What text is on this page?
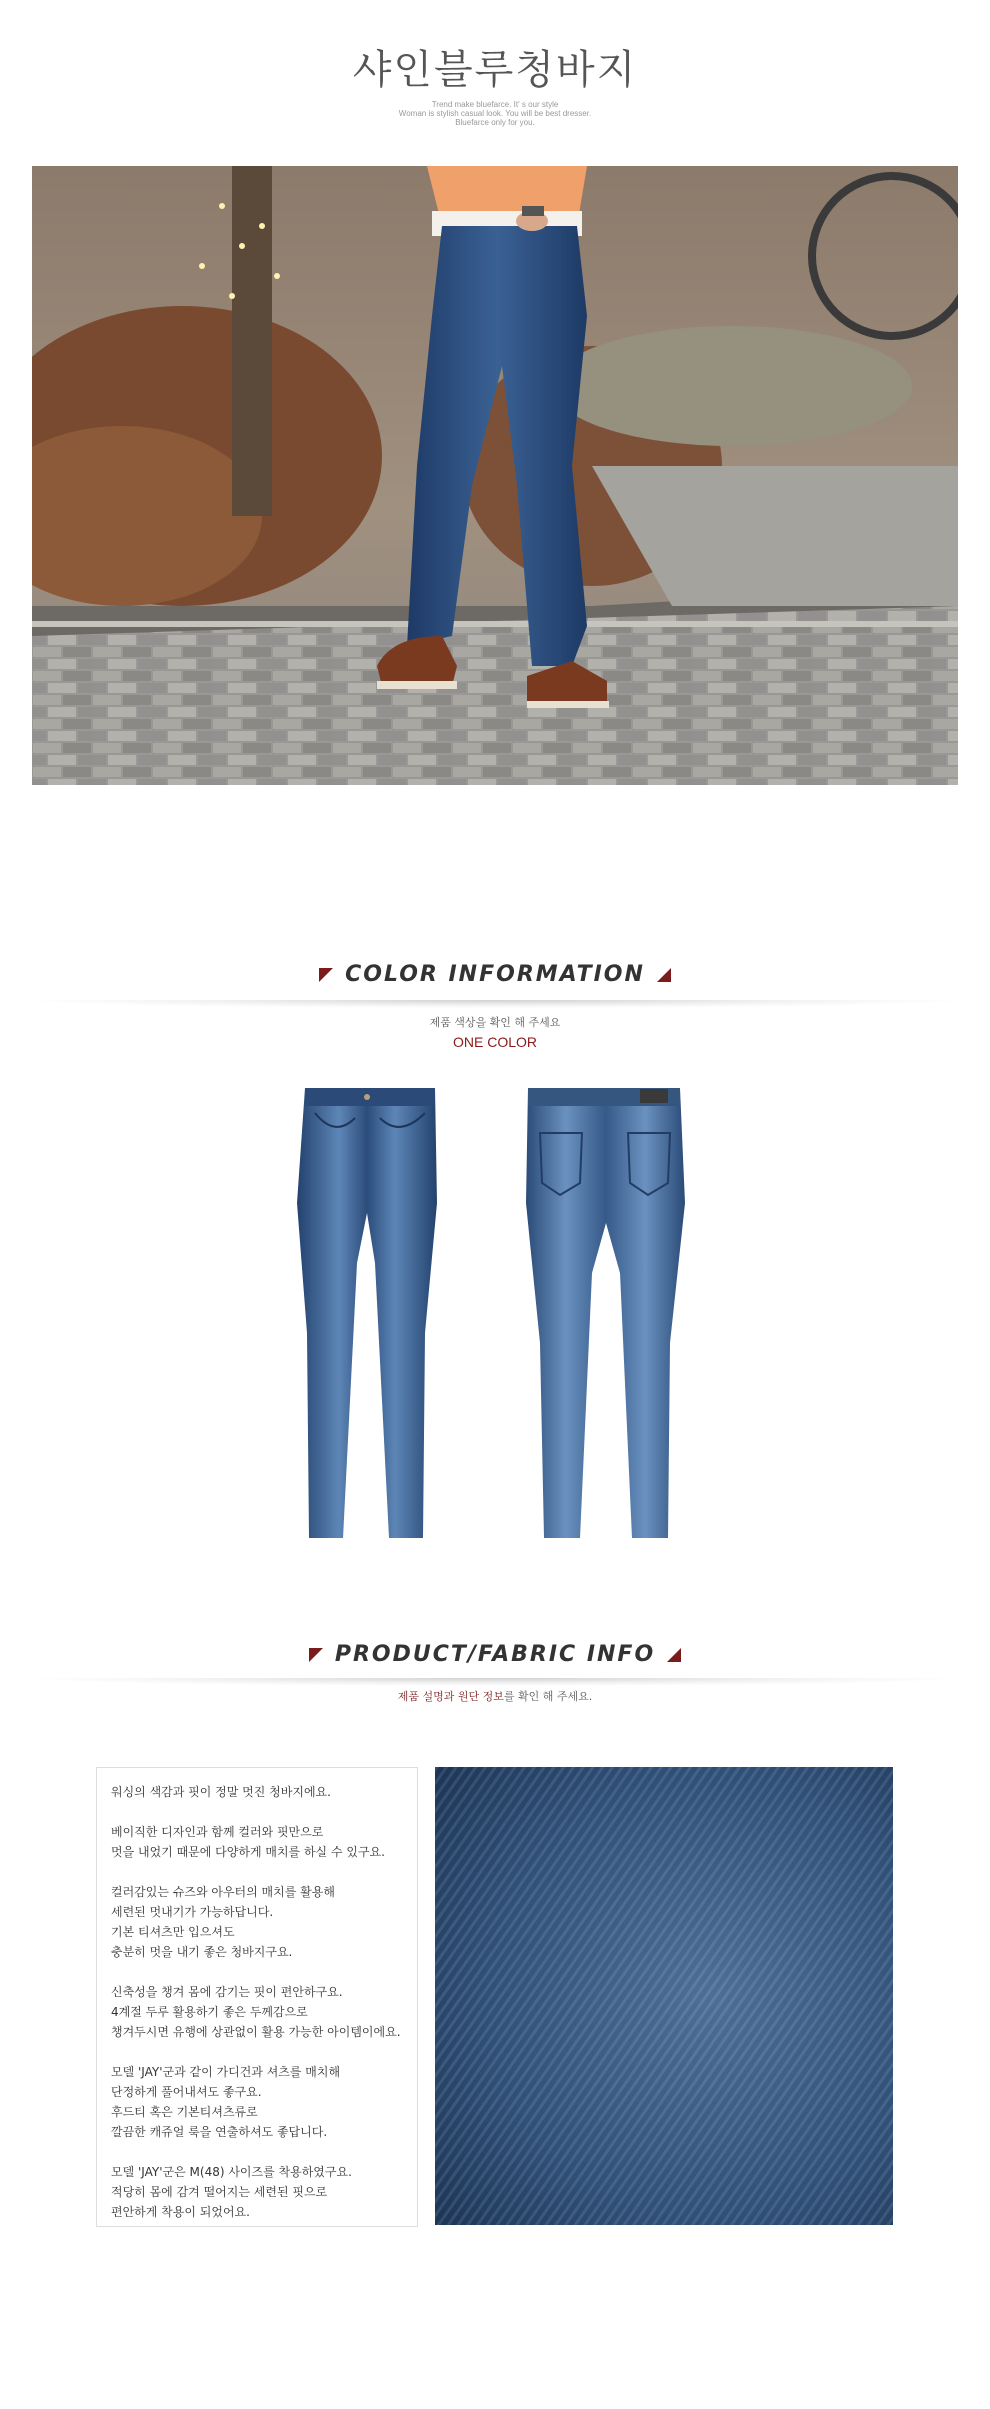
샤인블루청바지
Trend make bluefarce. It' s our style
Woman is stylish casual look. You will be best dresser.
Bluefarce only for you.
COLOR INFORMATION
제품 색상을 확인 해 주세요
ONE COLOR
PRODUCT/FABRIC INFO
제품 설명과 원단 정보를 확인 해 주세요.

워싱의 색감과 핏이 정말 멋진 청바지에요.

베이직한 디자인과 함께 컬러와 핏만으로
멋을 내었기 때문에 다양하게 매치를 하실 수 있구요.

컬러감있는 슈즈와 아우터의 매치를 활용해
세련된 멋내기가 가능하답니다.
기본 티셔츠만 입으셔도
충분히 멋을 내기 좋은 청바지구요.

신축성을 챙겨 몸에 감기는 핏이 편안하구요.
4계절 두루 활용하기 좋은 두께감으로
챙겨두시면 유행에 상관없이 활용 가능한 아이템이에요.

모델 'JAY'군과 같이 가디건과 셔츠를 매치해
단정하게 풀어내셔도 좋구요.
후드티 혹은 기본티셔츠류로
깔끔한 캐쥬얼 룩을 연출하셔도 좋답니다.

모델 'JAY'군은 M(48) 사이즈를 착용하였구요.
적당히 몸에 감겨 떨어지는 세련된 핏으로
편안하게 착용이 되었어요.
